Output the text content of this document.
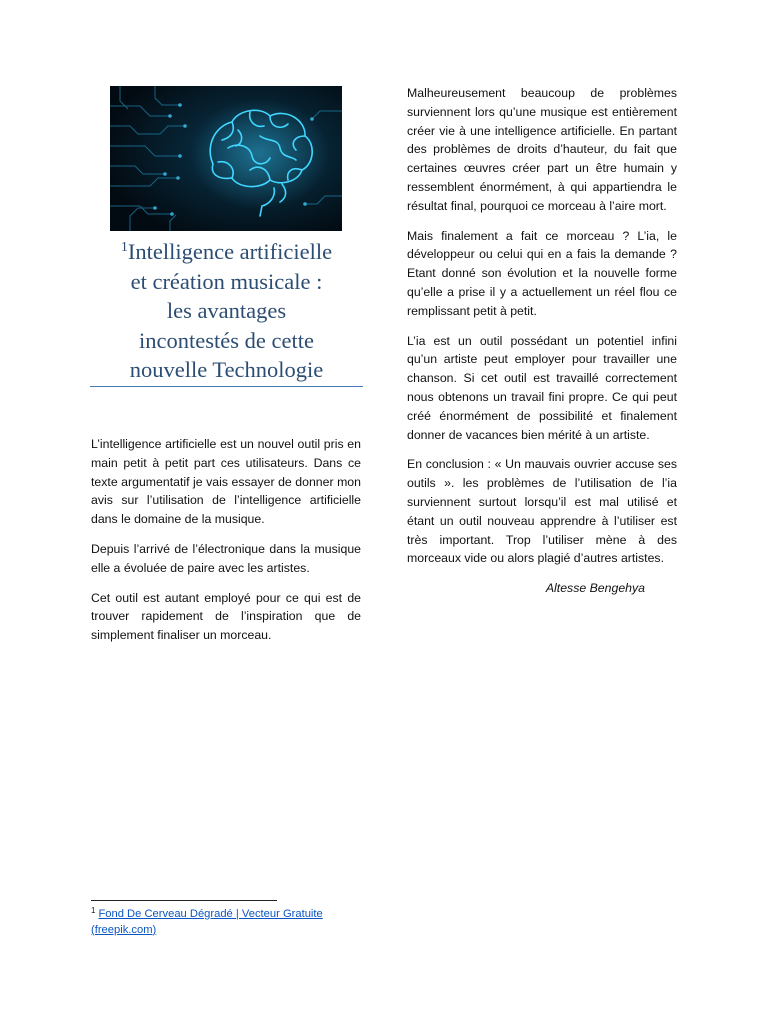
$^1$Intelligence artificielle
et création musicale :
les avantages
incontestés de cette
nouvelle Technologie

L’intelligence artificielle est un nouvel outil pris en main petit à petit part ces utilisateurs. Dans ce texte argumentatif je vais essayer de donner mon avis sur l’utilisation de l’intelligence artificielle dans le domaine de la musique.

Depuis l’arrivé de l’électronique dans la musique elle a évoluée de paire avec les artistes.

Cet outil est autant employé pour ce qui est de trouver rapidement de l’inspiration que de simplement finaliser un morceau.

Malheureusement beaucoup de problèmes surviennent lors qu’une musique est entièrement créer vie à une intelligence artificielle. En partant des problèmes de droits d’hauteur, du fait que certaines œuvres créer part un être humain y ressemblent énormément, à qui appartiendra le résultat final, pourquoi ce morceau à l’aire mort.

Mais finalement a fait ce morceau ? L’ia, le développeur ou celui qui en a fais la demande ? Etant donné son évolution et la nouvelle forme qu’elle a prise il y a actuellement un réel flou ce remplissant petit à petit.

L’ia est un outil possédant un potentiel infini qu’un artiste peut employer pour travailler une chanson. Si cet outil est travaillé correctement nous obtenons un travail fini propre. Ce qui peut créé énormément de possibilité et finalement donner de vacances bien mérité à un artiste.

En conclusion : « Un mauvais ouvrier accuse ses outils ». les problèmes de l’utilisation de l’ia surviennent surtout lorsqu’il est mal utilisé et étant un outil nouveau apprendre à l’utiliser est très important. Trop l’utiliser mène à des morceaux vide ou alors plagié d’autres artistes.

Altesse Bengehya

$^1$ Fond De Cerveau Dégradé | Vecteur Gratuite (freepik.com)
